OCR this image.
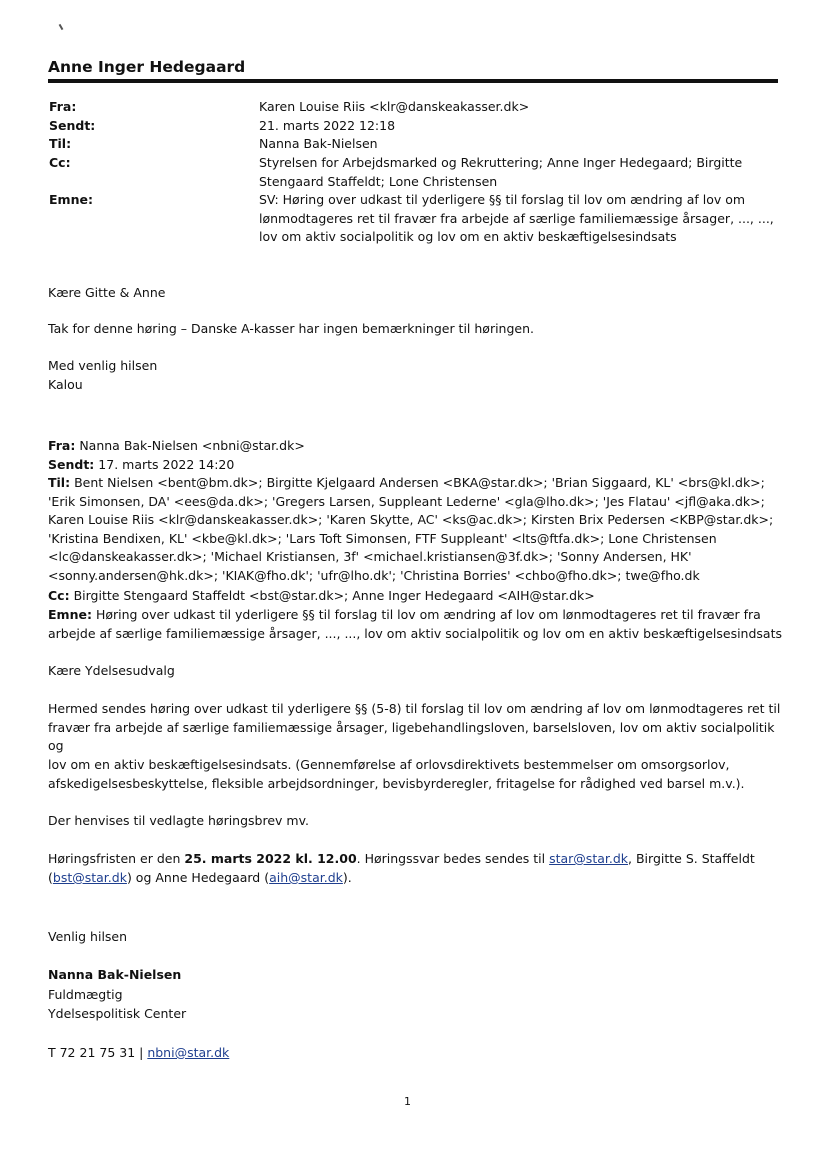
Anne Inger Hedegaard
Fra:	Karen Louise Riis <klr@danskeakasser.dk>
Sendt:	21. marts 2022 12:18
Til:	Nanna Bak-Nielsen
Cc:	Styrelsen for Arbejdsmarked og Rekruttering; Anne Inger Hedegaard; Birgitte Stengaard Staffeldt; Lone Christensen
Emne:	SV: Høring over udkast til yderligere §§ til forslag til lov om ændring af lov om lønmodtageres ret til fravær fra arbejde af særlige familiemæssige årsager, ..., ..., lov om aktiv socialpolitik og lov om en aktiv beskæftigelsesindsats
Kære Gitte & Anne
Tak for denne høring – Danske A-kasser har ingen bemærkninger til høringen.
Med venlig hilsen
Kalou
Fra: Nanna Bak-Nielsen <nbni@star.dk>
Sendt: 17. marts 2022 14:20
Til: Bent Nielsen <bent@bm.dk>; Birgitte Kjelgaard Andersen <BKA@star.dk>; 'Brian Siggaard, KL' <brs@kl.dk>; 'Erik Simonsen, DA' <ees@da.dk>; 'Gregers Larsen, Suppleant Lederne' <gla@lho.dk>; 'Jes Flatau' <jfl@aka.dk>; Karen Louise Riis <klr@danskeakasser.dk>; 'Karen Skytte, AC' <ks@ac.dk>; Kirsten Brix Pedersen <KBP@star.dk>; 'Kristina Bendixen, KL' <kbe@kl.dk>; 'Lars Toft Simonsen, FTF Suppleant' <lts@ftfa.dk>; Lone Christensen <lc@danskeakasser.dk>; 'Michael Kristiansen, 3f' <michael.kristiansen@3f.dk>; 'Sonny Andersen, HK' <sonny.andersen@hk.dk>; 'KIAK@fho.dk'; 'ufr@lho.dk'; 'Christina Borries' <chbo@fho.dk>; twe@fho.dk
Cc: Birgitte Stengaard Staffeldt <bst@star.dk>; Anne Inger Hedegaard <AIH@star.dk>
Emne: Høring over udkast til yderligere §§ til forslag til lov om ændring af lov om lønmodtageres ret til fravær fra arbejde af særlige familiemæssige årsager, ..., ..., lov om aktiv socialpolitik og lov om en aktiv beskæftigelsesindsats
Kære Ydelsesudvalg
Hermed sendes høring over udkast til yderligere §§ (5-8) til forslag til lov om ændring af lov om lønmodtageres ret til
fravær fra arbejde af særlige familiemæssige årsager, ligebehandlingsloven, barselsloven, lov om aktiv socialpolitik
og
lov om en aktiv beskæftigelsesindsats. (Gennemførelse af orlovsdirektivets bestemmelser om omsorgsorlov,
afskedigelsesbeskyttelse, fleksible arbejdsordninger, bevisbyrderegler, fritagelse for rådighed ved barsel m.v.).
Der henvises til vedlagte høringsbrev mv.
Høringsfristen er den 25. marts 2022 kl. 12.00. Høringssvar bedes sendes til star@star.dk, Birgitte S. Staffeldt
(bst@star.dk) og Anne Hedegaard (aih@star.dk).
Venlig hilsen
Nanna Bak-Nielsen
Fuldmægtig
Ydelsespolitisk Center
T 72 21 75 31 | nbni@star.dk
1
